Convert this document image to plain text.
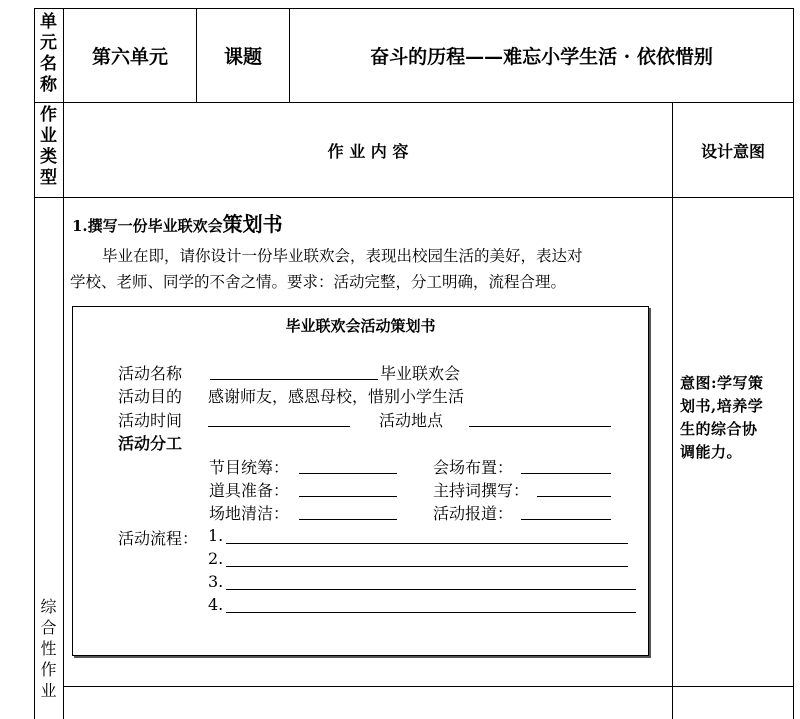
单
元
名
称
第六单元	课题	奋斗的历程——难忘小学生活 · 依依惜别
作
业
类
型
作 业 内 容	设计意图
综
合
性
作
业
1.撰写一份毕业联欢会策划书
毕业在即，请你设计一份毕业联欢会，表现出校园生活的美好，表达对
学校、老师、同学的不舍之情。要求：活动完整，分工明确，流程合理。
意图:学写策
划书,培养学
生的综合协
调能力。
毕业联欢会活动策划书
活动名称	毕业联欢会
活动目的 感谢师友，感恩母校，惜别小学生活
活动时间	活动地点
活动分工
节目统筹：	会场布置：
道具准备：	主持词撰写：
场地清洁：	活动报道：
活动流程： 1.
2.
3.
4.
